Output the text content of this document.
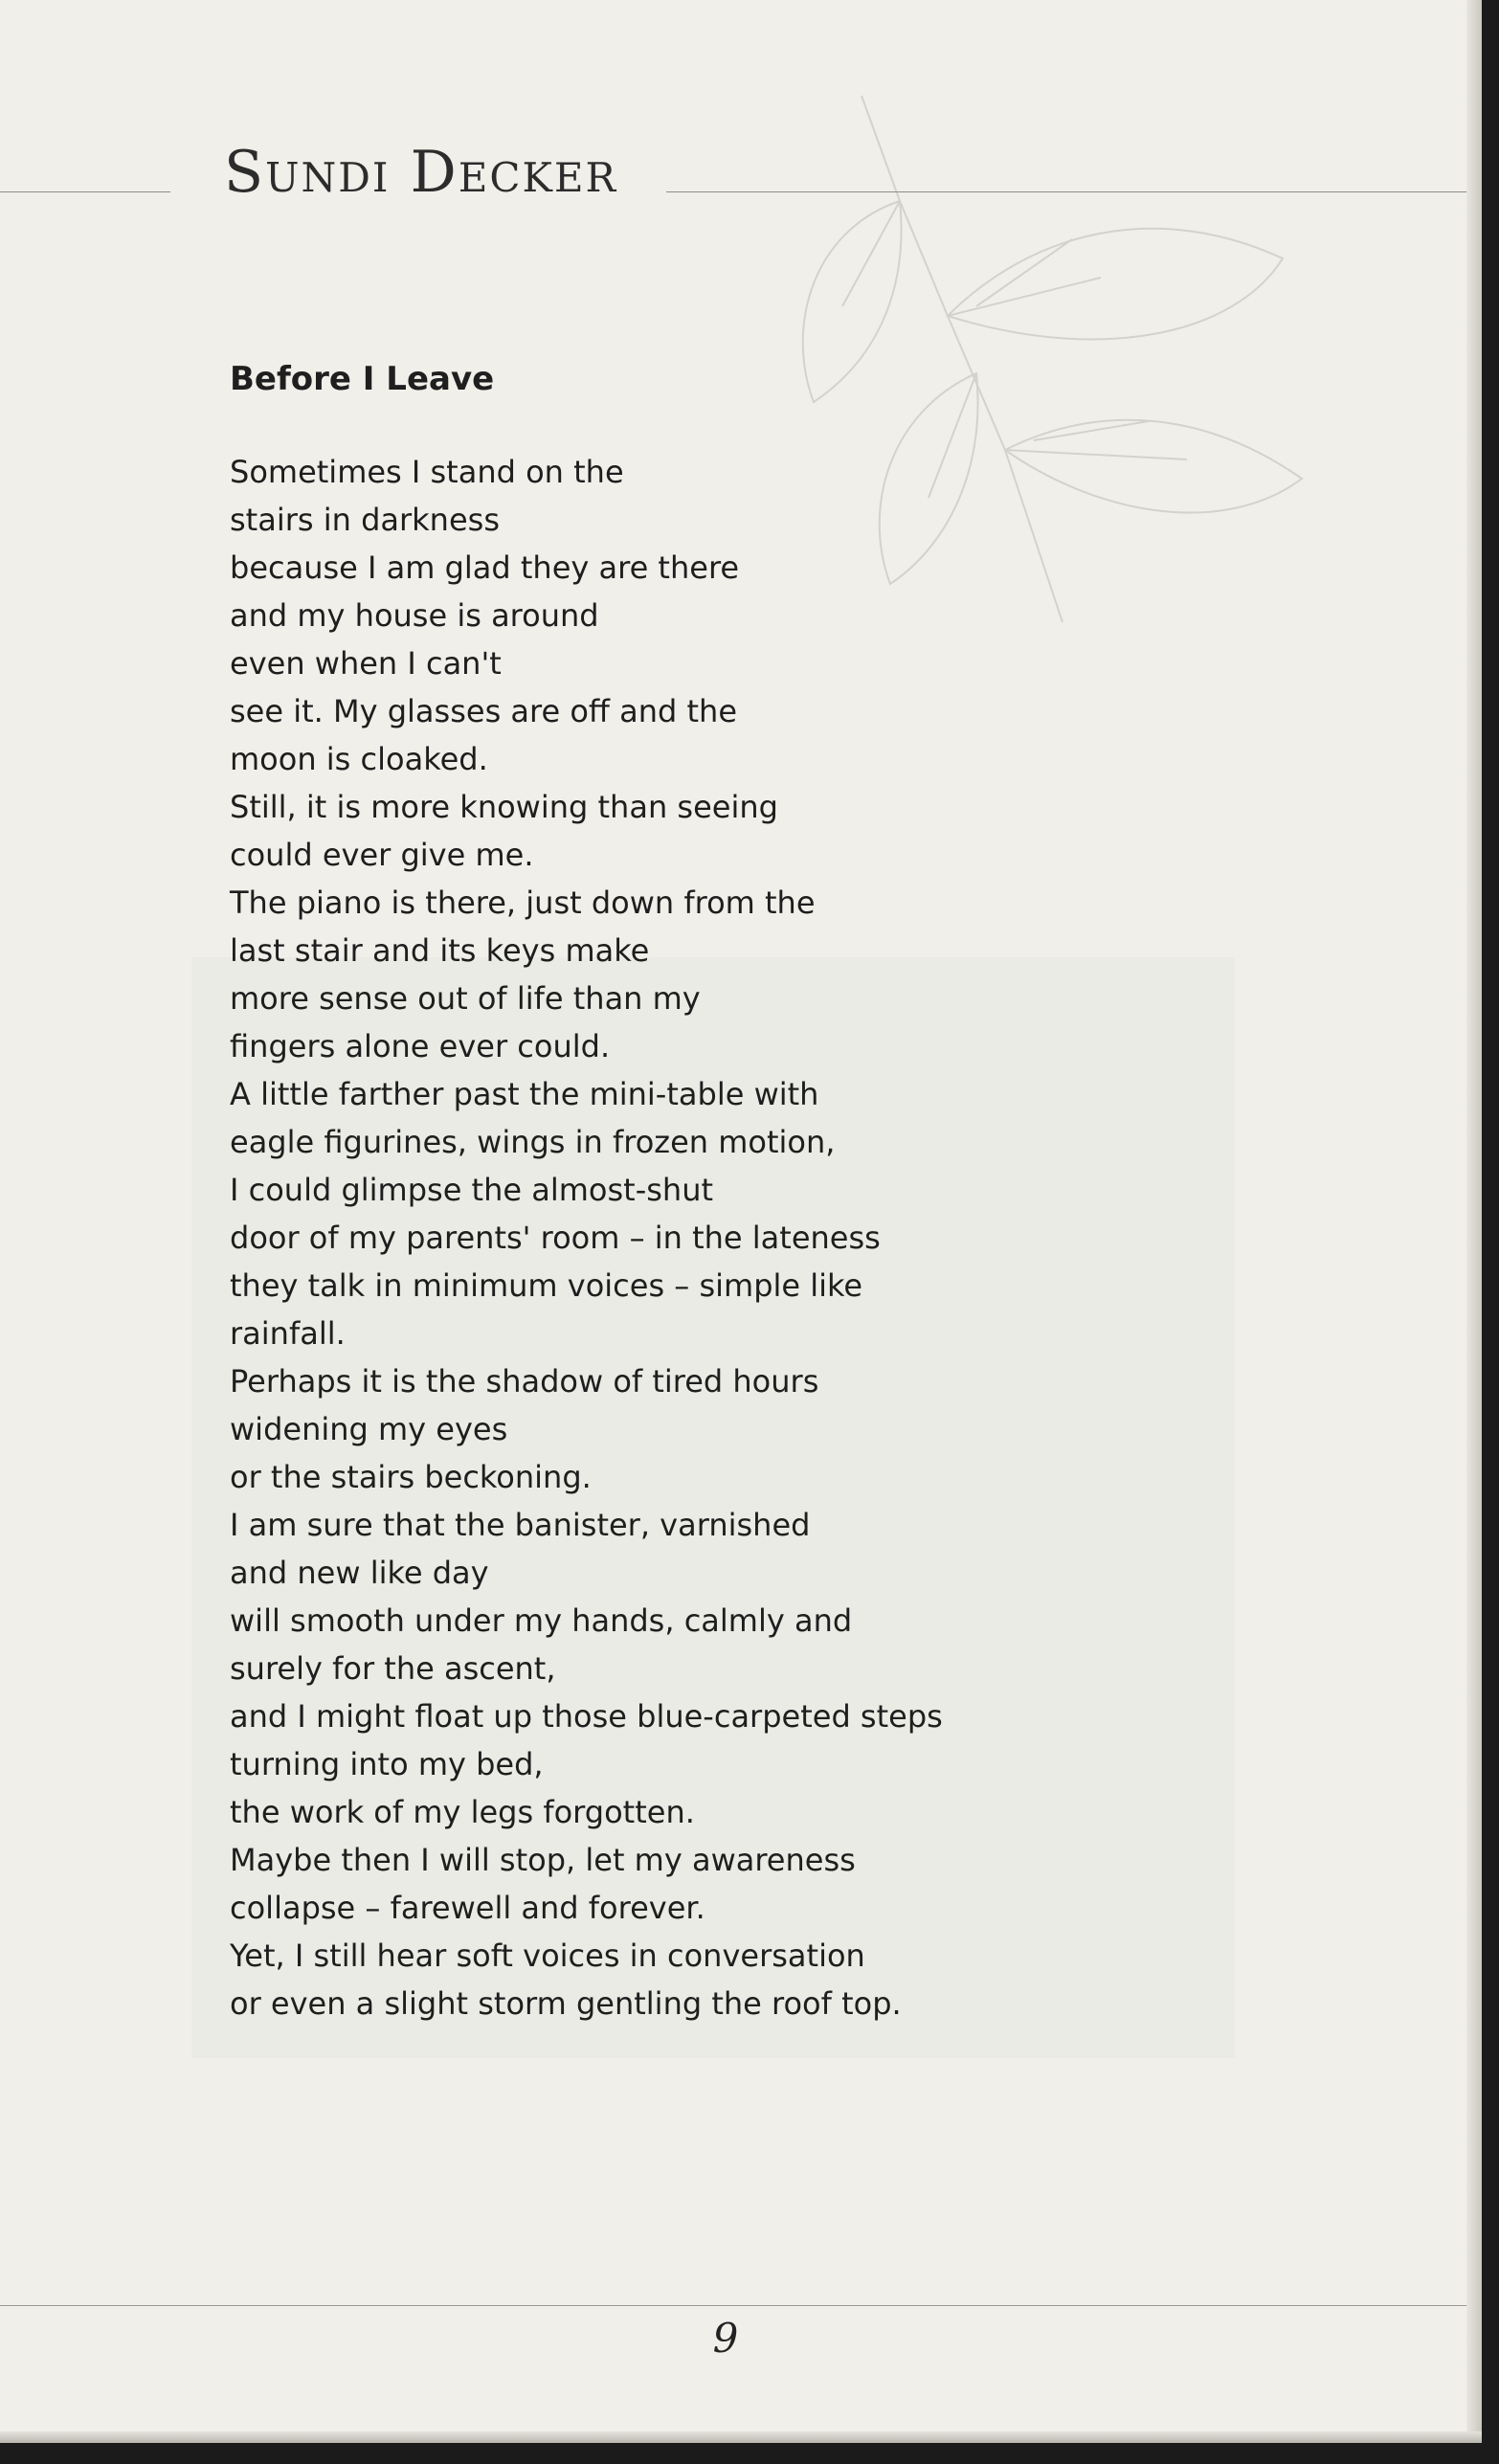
Sundi Decker
Before I Leave
Sometimes I stand on the
stairs in darkness
because I am glad they are there
and my house is around
even when I can't
see it. My glasses are off and the
moon is cloaked.
Still, it is more knowing than seeing
could ever give me.
The piano is there, just down from the
last stair and its keys make
more sense out of life than my
fingers alone ever could.
A little farther past the mini-table with
eagle figurines, wings in frozen motion,
I could glimpse the almost-shut
door of my parents' room – in the lateness
they talk in minimum voices – simple like
rainfall.
Perhaps it is the shadow of tired hours
widening my eyes
or the stairs beckoning.
I am sure that the banister, varnished
and new like day
will smooth under my hands, calmly and
surely for the ascent,
and I might float up those blue-carpeted steps
turning into my bed,
the work of my legs forgotten.
Maybe then I will stop, let my awareness
collapse – farewell and forever.
Yet, I still hear soft voices in conversation
or even a slight storm gentling the roof top.
9
